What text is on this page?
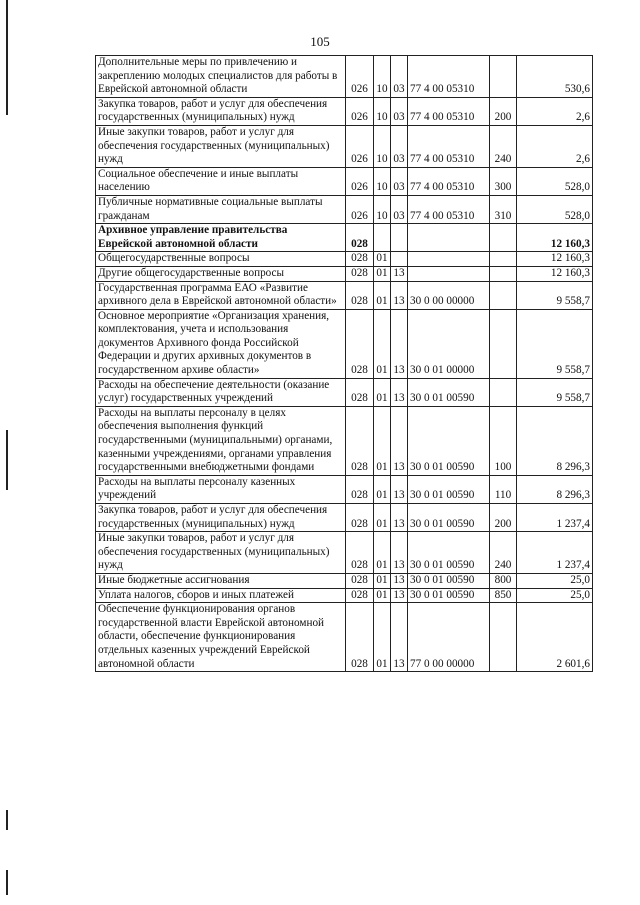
105
Дополнительные меры по привлечению и закреплению молодых специалистов для работы в Еврейской автономной области	026	10	03	77 4 00 05310		530,6
Закупка товаров, работ и услуг для обеспечения государственных (муниципальных) нужд	026	10	03	77 4 00 05310	200	2,6
Иные закупки товаров, работ и услуг для обеспечения государственных (муниципальных) нужд	026	10	03	77 4 00 05310	240	2,6
Социальное обеспечение и иные выплаты населению	026	10	03	77 4 00 05310	300	528,0
Публичные нормативные социальные выплаты гражданам	026	10	03	77 4 00 05310	310	528,0
Архивное управление правительства Еврейской автономной области	028					12 160,3
Общегосударственные вопросы	028	01				12 160,3
Другие общегосударственные вопросы	028	01	13			12 160,3
Государственная программа ЕАО «Развитие архивного дела в Еврейской автономной области»	028	01	13	30 0 00 00000		9 558,7
Основное мероприятие «Организация хранения, комплектования, учета и использования документов Архивного фонда Российской Федерации и других архивных документов в государственном архиве области»	028	01	13	30 0 01 00000		9 558,7
Расходы на обеспечение деятельности (оказание услуг) государственных учреждений	028	01	13	30 0 01 00590		9 558,7
Расходы на выплаты персоналу в целях обеспечения выполнения функций государственными (муниципальными) органами, казенными учреждениями, органами управления государственными внебюджетными фондами	028	01	13	30 0 01 00590	100	8 296,3
Расходы на выплаты персоналу казенных учреждений	028	01	13	30 0 01 00590	110	8 296,3
Закупка товаров, работ и услуг для обеспечения государственных (муниципальных) нужд	028	01	13	30 0 01 00590	200	1 237,4
Иные закупки товаров, работ и услуг для обеспечения государственных (муниципальных) нужд	028	01	13	30 0 01 00590	240	1 237,4
Иные бюджетные ассигнования	028	01	13	30 0 01 00590	800	25,0
Уплата налогов, сборов и иных платежей	028	01	13	30 0 01 00590	850	25,0
Обеспечение функционирования органов государственной власти Еврейской автономной области, обеспечение функционирования отдельных казенных учреждений Еврейской автономной области	028	01	13	77 0 00 00000		2 601,6
